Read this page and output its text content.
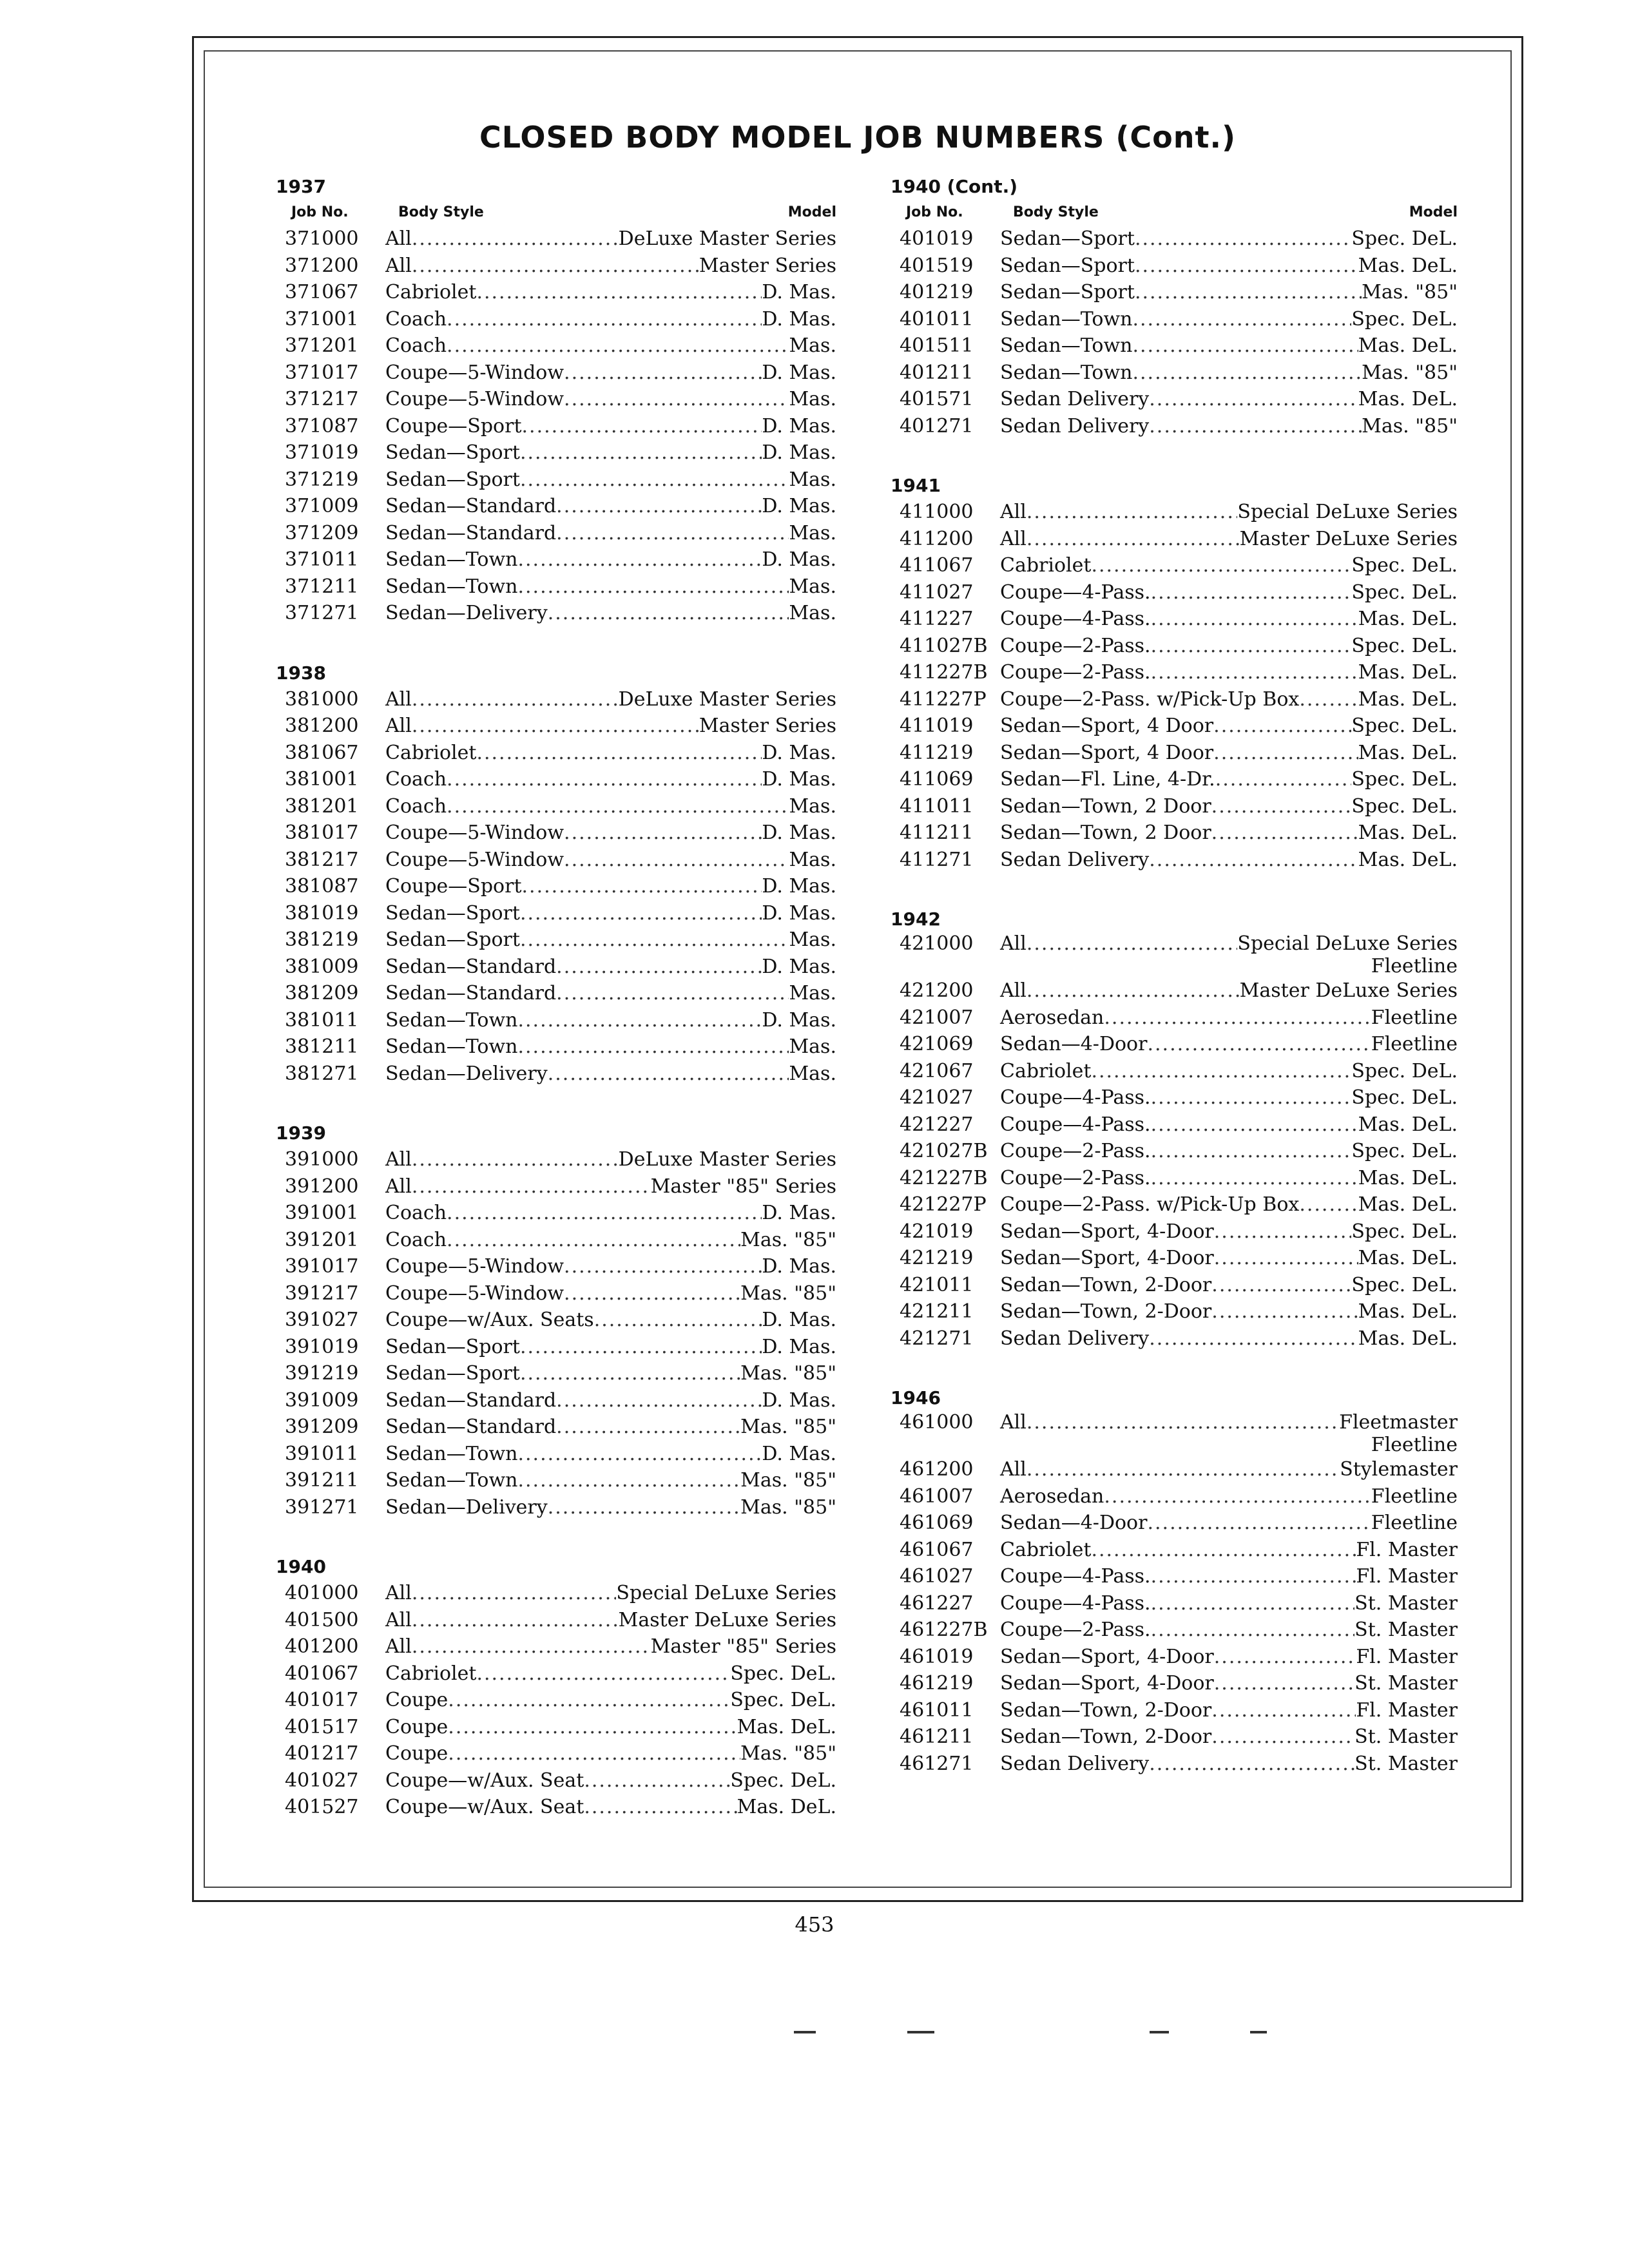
CLOSED BODY MODEL JOB NUMBERS (Cont.)
1937
Job No.	Body Style	Model
371000	All .....	DeLuxe Master Series
371200	All .....	Master Series
371067	Cabriolet .....	D. Mas.
371001	Coach .....	D. Mas.
371201	Coach .....	Mas.
371017	Coupe—5-Window .....	D. Mas.
371217	Coupe—5-Window .....	Mas.
371087	Coupe—Sport .....	D. Mas.
371019	Sedan—Sport .....	D. Mas.
371219	Sedan—Sport .....	Mas.
371009	Sedan—Standard .....	D. Mas.
371209	Sedan—Standard .....	Mas.
371011	Sedan—Town .....	D. Mas.
371211	Sedan—Town .....	Mas.
371271	Sedan—Delivery .....	Mas.
1938
381000	All .....	DeLuxe Master Series
381200	All .....	Master Series
381067	Cabriolet .....	D. Mas.
381001	Coach .....	D. Mas.
381201	Coach .....	Mas.
381017	Coupe—5-Window .....	D. Mas.
381217	Coupe—5-Window .....	Mas.
381087	Coupe—Sport .....	D. Mas.
381019	Sedan—Sport .....	D. Mas.
381219	Sedan—Sport .....	Mas.
381009	Sedan—Standard .....	D. Mas.
381209	Sedan—Standard .....	Mas.
381011	Sedan—Town .....	D. Mas.
381211	Sedan—Town .....	Mas.
381271	Sedan—Delivery .....	Mas.
1939
391000	All .....	DeLuxe Master Series
391200	All .....	Master "85" Series
391001	Coach .....	D. Mas.
391201	Coach .....	Mas. "85"
391017	Coupe—5-Window .....	D. Mas.
391217	Coupe—5-Window .....	Mas. "85"
391027	Coupe—w/Aux. Seats .....	D. Mas.
391019	Sedan—Sport .....	D. Mas.
391219	Sedan—Sport .....	Mas. "85"
391009	Sedan—Standard .....	D. Mas.
391209	Sedan—Standard .....	Mas. "85"
391011	Sedan—Town .....	D. Mas.
391211	Sedan—Town .....	Mas. "85"
391271	Sedan—Delivery .....	Mas. "85"
1940
401000	All .....	Special DeLuxe Series
401500	All .....	Master DeLuxe Series
401200	All .....	Master "85" Series
401067	Cabriolet .....	Spec. DeL.
401017	Coupe .....	Spec. DeL.
401517	Coupe .....	Mas. DeL.
401217	Coupe .....	Mas. "85"
401027	Coupe—w/Aux. Seat .....	Spec. DeL.
401527	Coupe—w/Aux. Seat .....	Mas. DeL.
1940 (Cont.)
Job No.	Body Style	Model
401019	Sedan—Sport .....	Spec. DeL.
401519	Sedan—Sport .....	Mas. DeL.
401219	Sedan—Sport .....	Mas. "85"
401011	Sedan—Town .....	Spec. DeL.
401511	Sedan—Town .....	Mas. DeL.
401211	Sedan—Town .....	Mas. "85"
401571	Sedan Delivery .....	Mas. DeL.
401271	Sedan Delivery .....	Mas. "85"
1941
411000	All .....	Special DeLuxe Series
411200	All .....	Master DeLuxe Series
411067	Cabriolet .....	Spec. DeL.
411027	Coupe—4-Pass. .....	Spec. DeL.
411227	Coupe—4-Pass. .....	Mas. DeL.
411027B Coupe—2-Pass. .....	Spec. DeL.
411227B Coupe—2-Pass. .....	Mas. DeL.
411227P Coupe—2-Pass. w/Pick-Up Box .....	Mas. DeL.
411019	Sedan—Sport, 4 Door .....	Spec. DeL.
411219	Sedan—Sport, 4 Door .....	Mas. DeL.
411069	Sedan—Fl. Line, 4-Dr. .....	Spec. DeL.
411011	Sedan—Town, 2 Door .....	Spec. DeL.
411211	Sedan—Town, 2 Door .....	Mas. DeL.
411271	Sedan Delivery .....	Mas. DeL.
1942
421000	All .....	Special DeLuxe Series
Fleetline
421200	All .....	Master DeLuxe Series
421007	Aerosedan .....	Fleetline
421069	Sedan—4-Door .....	Fleetline
421067	Cabriolet .....	Spec. DeL.
421027	Coupe—4-Pass. .....	Spec. DeL.
421227	Coupe—4-Pass. .....	Mas. DeL.
421027B Coupe—2-Pass. .....	Spec. DeL.
421227B Coupe—2-Pass. .....	Mas. DeL.
421227P Coupe—2-Pass. w/Pick-Up Box .....	Mas. DeL.
421019	Sedan—Sport, 4-Door .....	Spec. DeL.
421219	Sedan—Sport, 4-Door .....	Mas. DeL.
421011	Sedan—Town, 2-Door .....	Spec. DeL.
421211	Sedan—Town, 2-Door .....	Mas. DeL.
421271	Sedan Delivery .....	Mas. DeL.
1946
461000	All .....	Fleetmaster
Fleetline
461200	All .....	Stylemaster
461007	Aerosedan .....	Fleetline
461069	Sedan—4-Door .....	Fleetline
461067	Cabriolet .....	Fl. Master
461027	Coupe—4-Pass. .....	Fl. Master
461227	Coupe—4-Pass. .....	St. Master
461227B Coupe—2-Pass. .....	St. Master
461019	Sedan—Sport, 4-Door .....	Fl. Master
461219	Sedan—Sport, 4-Door .....	St. Master
461011	Sedan—Town, 2-Door .....	Fl. Master
461211	Sedan—Town, 2-Door .....	St. Master
461271	Sedan Delivery .....	St. Master
453
